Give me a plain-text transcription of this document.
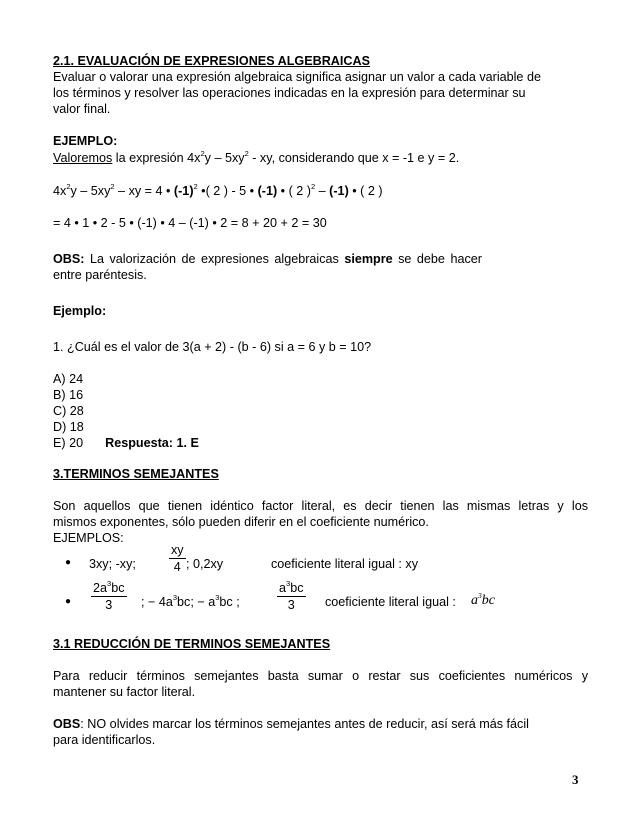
2.1. EVALUACIÓN DE EXPRESIONES ALGEBRAICAS
Evaluar o valorar una expresión algebraica significa asignar un valor a cada variable de
los términos y resolver las operaciones indicadas en la expresión para determinar su
valor final.
EJEMPLO:
Valoremos la expresión $4x^2y - 5xy^2$ - xy, considerando que x = -1 e y = 2.
$4x^2y - 5xy^2$ – xy = 4 • $(-1)^2$ •( 2 ) - 5 • (-1) • ( 2 )$^2$ – (-1) • ( 2 )
= 4 • 1 • 2 - 5 • (-1) • 4 – (-1) • 2 = 8 + 20 + 2 = 30
OBS: La valorización de expresiones algebraicas siempre se debe hacer
entre paréntesis.
Ejemplo:
1. ¿Cuál es el valor de 3(a + 2) - (b - 6) si a = 6 y b = 10?
A) 24
B) 16
C) 28
D) 18
E) 20 Respuesta: 1. E
3.TERMINOS SEMEJANTES
Son aquellos que tienen idéntico factor literal, es decir tienen las mismas letras y los
mismos exponentes, sólo pueden diferir en el coeficiente numérico.
EJEMPLOS:
● 3xy; -xy;	$\frac{xy}{4}$ ; 0,2xy	coeficiente literal igual : xy
● $\frac{2a^3bc}{3}$ ; − $4a^3bc$; − $a^3bc$ ;	$\frac{a^3bc}{3}$ coeficiente literal igual : $a^3bc$
3.1 REDUCCIÓN DE TERMINOS SEMEJANTES
Para reducir términos semejantes basta sumar o restar sus coeficientes numéricos y
mantener su factor literal.
OBS: NO olvides marcar los términos semejantes antes de reducir, así será más fácil
para identificarlos.
3
